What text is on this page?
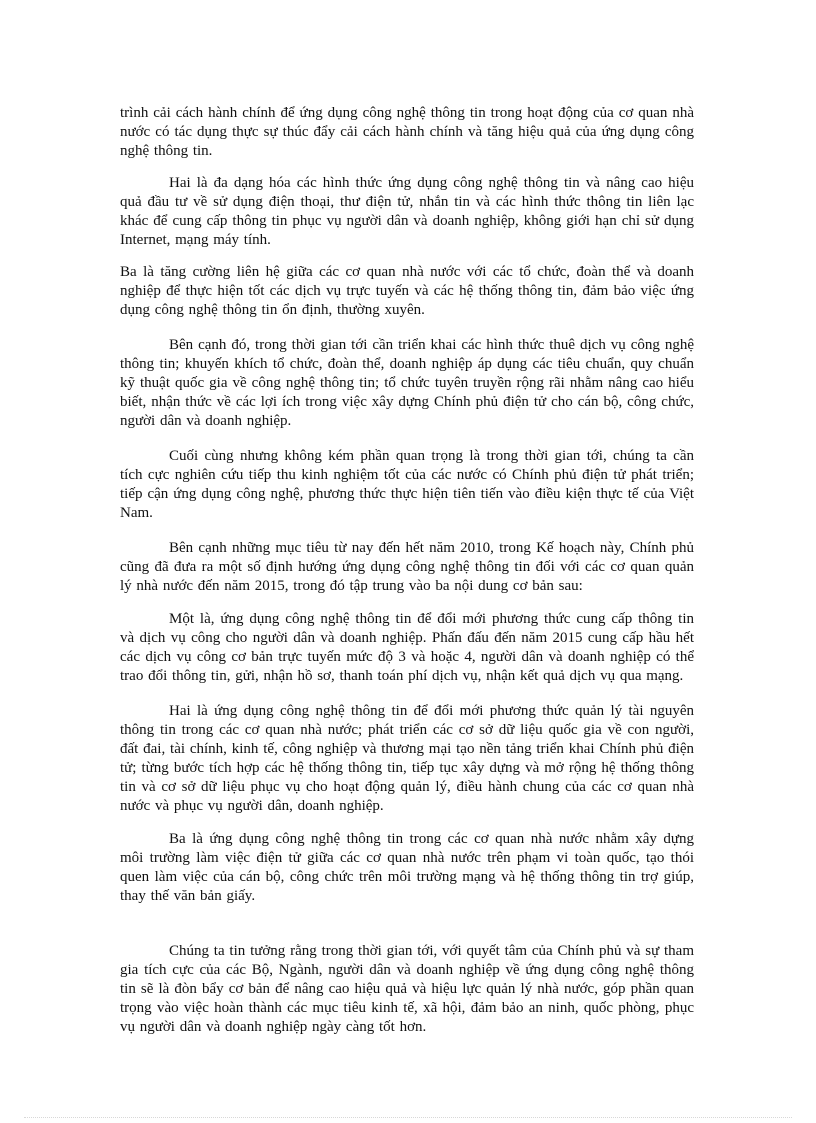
trình cải cách hành chính để ứng dụng công nghệ thông tin trong hoạt động của cơ quan nhà nước có tác dụng thực sự thúc đẩy cải cách hành chính và tăng hiệu quả của ứng dụng công nghệ thông tin.

Hai là đa dạng hóa các hình thức ứng dụng công nghệ thông tin và nâng cao hiệu quả đầu tư về sử dụng điện thoại, thư điện tử, nhắn tin và các hình thức thông tin liên lạc khác để cung cấp thông tin phục vụ người dân và doanh nghiệp, không giới hạn chỉ sử dụng Internet, mạng máy tính.

Ba là tăng cường liên hệ giữa các cơ quan nhà nước với các tổ chức, đoàn thể và doanh nghiệp để thực hiện tốt các dịch vụ trực tuyến và các hệ thống thông tin, đảm bảo việc ứng dụng công nghệ thông tin ổn định, thường xuyên.

Bên cạnh đó, trong thời gian tới cần triển khai các hình thức thuê dịch vụ công nghệ thông tin; khuyến khích tổ chức, đoàn thể, doanh nghiệp áp dụng các tiêu chuẩn, quy chuẩn kỹ thuật quốc gia về công nghệ thông tin; tổ chức tuyên truyền rộng rãi nhằm nâng cao hiểu biết, nhận thức về các lợi ích trong việc xây dựng Chính phủ điện tử cho cán bộ, công chức, người dân và doanh nghiệp.

Cuối cùng nhưng không kém phần quan trọng là trong thời gian tới, chúng ta cần tích cực nghiên cứu tiếp thu kinh nghiệm tốt của các nước có Chính phủ điện tử phát triển; tiếp cận ứng dụng công nghệ, phương thức thực hiện tiên tiến vào điều kiện thực tế của Việt Nam.

Bên cạnh những mục tiêu từ nay đến hết năm 2010, trong Kế hoạch này, Chính phủ cũng đã đưa ra một số định hướng ứng dụng công nghệ thông tin đối với các cơ quan quản lý nhà nước đến năm 2015, trong đó tập trung vào ba nội dung cơ bản sau:

Một là, ứng dụng công nghệ thông tin để đổi mới phương thức cung cấp thông tin và dịch vụ công cho người dân và doanh nghiệp. Phấn đấu đến năm 2015 cung cấp hầu hết các dịch vụ công cơ bản trực tuyến mức độ 3 và hoặc 4, người dân và doanh nghiệp có thể trao đổi thông tin, gửi, nhận hồ sơ, thanh toán phí dịch vụ, nhận kết quả dịch vụ qua mạng.

Hai là ứng dụng công nghệ thông tin để đổi mới phương thức quản lý tài nguyên thông tin trong các cơ quan nhà nước; phát triển các cơ sở dữ liệu quốc gia về con người, đất đai, tài chính, kinh tế, công nghiệp và thương mại tạo nền tảng triển khai Chính phủ điện tử; từng bước tích hợp các hệ thống thông tin, tiếp tục xây dựng và mở rộng hệ thống thông tin và cơ sở dữ liệu phục vụ cho hoạt động quản lý, điều hành chung của các cơ quan nhà nước và phục vụ người dân, doanh nghiệp.

Ba là ứng dụng công nghệ thông tin trong các cơ quan nhà nước nhằm xây dựng môi trường làm việc điện tử giữa các cơ quan nhà nước trên phạm vi toàn quốc, tạo thói quen làm việc của cán bộ, công chức trên môi trường mạng và hệ thống thông tin trợ giúp, thay thế văn bản giấy.

Chúng ta tin tưởng rằng trong thời gian tới, với quyết tâm của Chính phủ và sự tham gia tích cực của các Bộ, Ngành, người dân và doanh nghiệp về ứng dụng công nghệ thông tin sẽ là đòn bẩy cơ bản để nâng cao hiệu quả và hiệu lực quản lý nhà nước, góp phần quan trọng vào việc hoàn thành các mục tiêu kinh tế, xã hội, đảm bảo an ninh, quốc phòng, phục vụ người dân và doanh nghiệp ngày càng tốt hơn.
